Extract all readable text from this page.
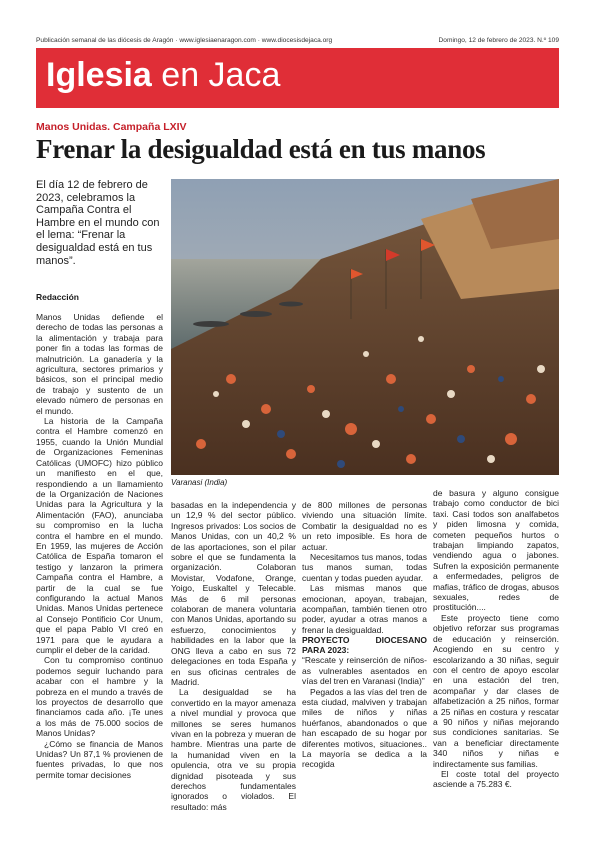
Publicación semanal de las diócesis de Aragón · www.iglesiaenaragon.com · www.diocesisdejaca.org	Domingo, 12 de febrero de 2023. N.º 109
Iglesia en Jaca
Manos Unidas. Campaña LXIV
Frenar la desigualdad está en tus manos
El día 12 de febrero de 2023, celebramos la Campaña Contra el Hambre en el mundo con el lema: “Frenar la desigualdad está en tus manos”.
Redacción
Varanasi (India)

Manos Unidas defiende el derecho de todas las personas a la alimentación y trabaja para poner fin a todas las formas de malnutrición. La ganadería y la agricultura, sectores primarios y básicos, son el principal medio de trabajo y sustento de un elevado número de personas en el mundo.

La historia de la Campaña contra el Hambre comenzó en 1955, cuando la Unión Mundial de Organizaciones Femeninas Católicas (UMOFC) hizo público un manifiesto en el que, respondiendo a un llamamiento de la Organización de Naciones Unidas para la Agricultura y la Alimentación (FAO), anunciaba su compromiso en la lucha contra el hambre en el mundo. En 1959, las mujeres de Acción Católica de España tomaron el testigo y lanzaron la primera Campaña contra el Hambre, a partir de la cual se fue configurando la actual Manos Unidas. Manos Unidas pertenece al Consejo Pontificio Cor Unum, que el papa Pablo VI creó en 1971 para que le ayudara a cumplir el deber de la caridad.

Con tu compromiso continuo podemos seguir luchando para acabar con el hambre y la pobreza en el mundo a través de los proyectos de desarrollo que financiamos cada año. ¡Te unes a los más de 75.000 socios de Manos Unidas?

¿Cómo se financia de Manos Unidas? Un 87,1 % provienen de fuentes privadas, lo que nos permite tomar decisiones

basadas en la independencia y un 12,9 % del sector público. Ingresos privados: Los socios de Manos Unidas, con un 40,2 % de las aportaciones, son el pilar sobre el que se fundamenta la organización. Colaboran Movistar, Vodafone, Orange, Yoigo, Euskaltel y Telecable. Más de 6 mil personas colaboran de manera voluntaria con Manos Unidas, aportando su esfuerzo, conocimientos y habilidades en la labor que la ONG lleva a cabo en sus 72 delegaciones en toda España y en sus oficinas centrales de Madrid.

La desigualdad se ha convertido en la mayor amenaza a nivel mundial y provoca que millones se seres humanos vivan en la pobreza y mueran de hambre. Mientras una parte de la humanidad viven en la opulencia, otra ve su propia dignidad pisoteada y sus derechos fundamentales ignorados o violados. El resultado: más

de 800 millones de personas viviendo una situación límite. Combatir la desigualdad no es un reto imposible. Es hora de actuar.

Necesitamos tus manos, todas tus manos suman, todas cuentan y todas pueden ayudar.

Las mismas manos que emocionan, apoyan, trabajan, acompañan, también tienen otro poder, ayudar a otras manos a frenar la desigualdad.

PROYECTO DIOCESANO PARA 2023:

“Rescate y reinserción de niños-as vulnerables asentados en vías del tren en Varanasi (India)”

Pegados a las vías del tren de esta ciudad, malviven y trabajan miles de niños y niñas huérfanos, abandonados o que han escapado de su hogar por diferentes motivos, situaciones.. La mayoría se dedica a la recogida

de basura y alguno consigue trabajo como conductor de bici taxi. Casi todos son analfabetos y piden limosna y comida, cometen pequeños hurtos o trabajan limpiando zapatos, vendiendo agua o jabones. Sufren la exposición permanente a enfermedades, peligros de mafias, tráfico de drogas, abusos sexuales, redes de prostitución....

Este proyecto tiene como objetivo reforzar sus programas de educación y reinserción. Acogiendo en su centro y escolarizando a 30 niñas, seguir con el centro de apoyo escolar en una estación del tren, acompañar y dar clases de alfabetización a 25 niños, formar a 25 niñas en costura y rescatar a 90 niños y niñas mejorando sus condiciones sanitarias. Se van a beneficiar directamente 340 niños y niñas e indirectamente sus familias.

El coste total del proyecto asciende a 75.283 €.
